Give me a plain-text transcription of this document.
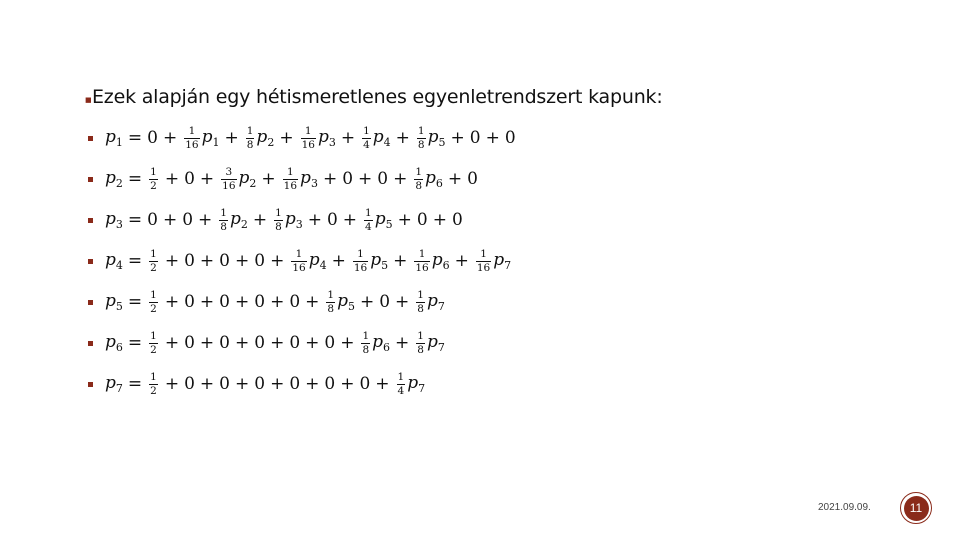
■ Ezek alapján egy hétismeretlenes egyenletrendszert kapunk:
$p_1 = 0 + \frac{1}{16} p_1 + \frac{1}{8} p_2 + \frac{1}{16} p_3 + \frac{1}{4} p_4 + \frac{1}{8} p_5 + 0 + 0$
$p_2 = \frac{1}{2} + 0 + \frac{3}{16} p_2 + \frac{1}{16} p_3 + 0 + 0 + \frac{1}{8} p_6 + 0$
$p_3 = 0 + 0 + \frac{1}{8} p_2 + \frac{1}{8} p_3 + 0 + \frac{1}{4} p_5 + 0 + 0$
$p_4 = \frac{1}{2} + 0 + 0 + 0 + \frac{1}{16} p_4 + \frac{1}{16} p_5 + \frac{1}{16} p_6 + \frac{1}{16} p_7$
$p_5 = \frac{1}{2} + 0 + 0 + 0 + 0 + \frac{1}{8} p_5 + 0 + \frac{1}{8} p_7$
$p_6 = \frac{1}{2} + 0 + 0 + 0 + 0 + 0 + \frac{1}{8} p_6 + \frac{1}{8} p_7$
$p_7 = \frac{1}{2} + 0 + 0 + 0 + 0 + 0 + 0 + \frac{1}{4} p_7$
2021.09.09.	11
